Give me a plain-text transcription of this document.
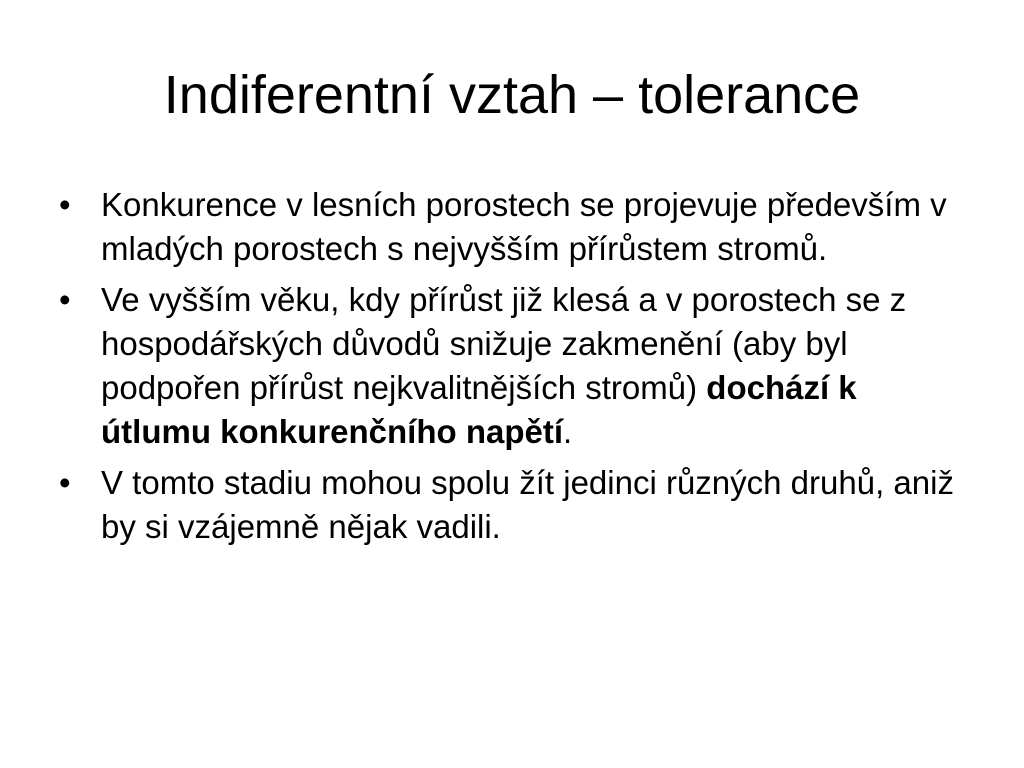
Indiferentní vztah – tolerance
• Konkurence v lesních porostech se projevuje především v mladých porostech s nejvyšším přírůstem stromů.
• Ve vyšším věku, kdy přírůst již klesá a v porostech se z hospodářských důvodů snižuje zakmenění (aby byl podpořen přírůst nejkvalitnějších stromů) dochází k útlumu konkurenčního napětí.
• V tomto stadiu mohou spolu žít jedinci různých druhů, aniž by si vzájemně nějak vadili.
